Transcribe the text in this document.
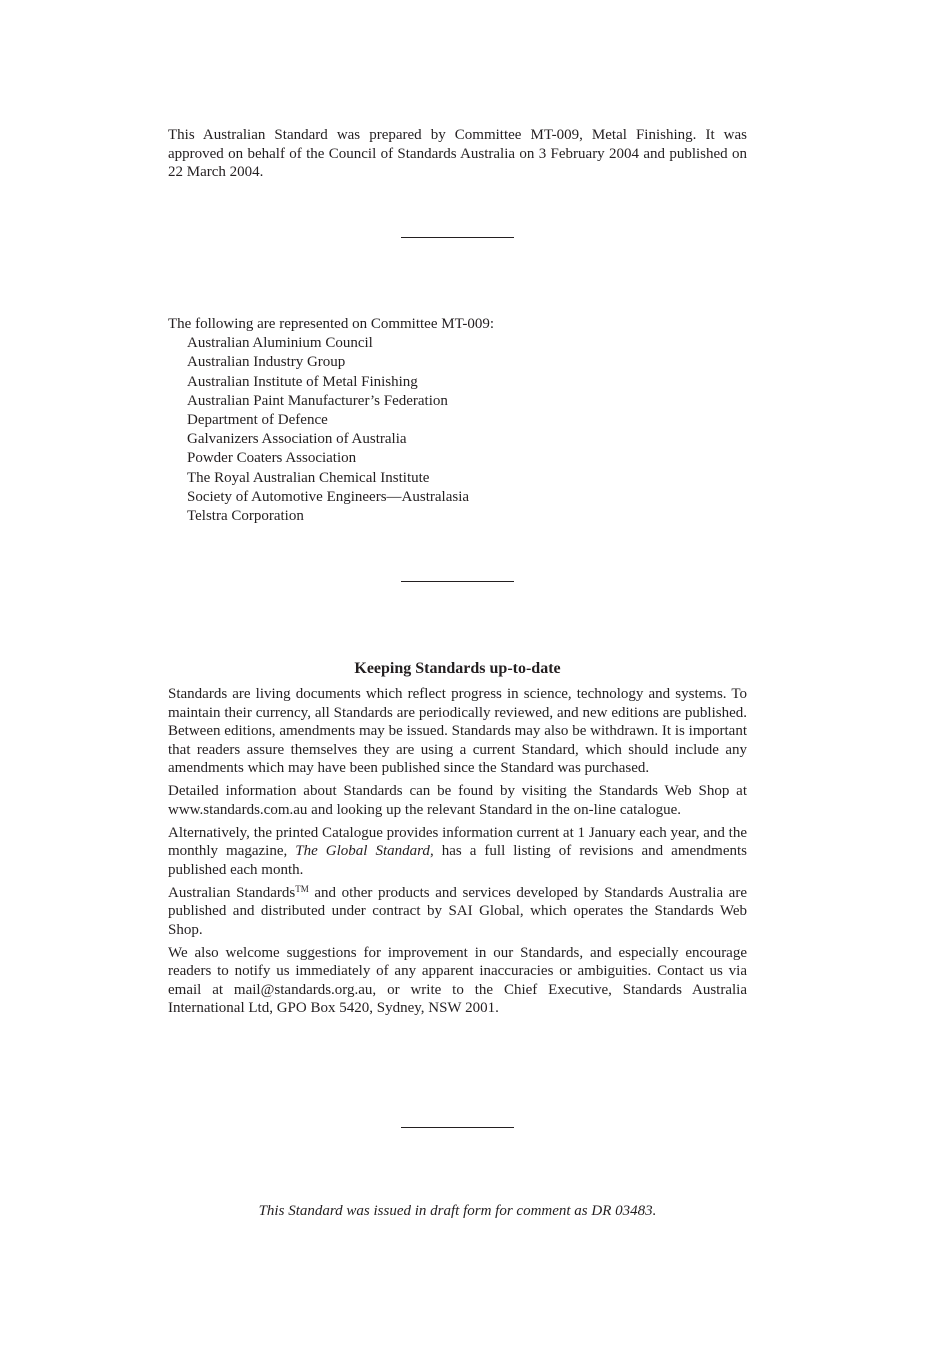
This Australian Standard was prepared by Committee MT-009, Metal Finishing. It was approved on behalf of the Council of Standards Australia on 3 February 2004 and published on 22 March 2004.

The following are represented on Committee MT-009:

Australian Aluminium Council
Australian Industry Group
Australian Institute of Metal Finishing
Australian Paint Manufacturer’s Federation
Department of Defence
Galvanizers Association of Australia
Powder Coaters Association
The Royal Australian Chemical Institute
Society of Automotive Engineers—Australasia
Telstra Corporation
Keeping Standards up-to-date

Standards are living documents which reflect progress in science, technology and systems. To maintain their currency, all Standards are periodically reviewed, and new editions are published. Between editions, amendments may be issued. Standards may also be withdrawn. It is important that readers assure themselves they are using a current Standard, which should include any amendments which may have been published since the Standard was purchased.

Detailed information about Standards can be found by visiting the Standards Web Shop at www.standards.com.au and looking up the relevant Standard in the on-line catalogue.

Alternatively, the printed Catalogue provides information current at 1 January each year, and the monthly magazine, The Global Standard, has a full listing of revisions and amendments published each month.

Australian Standards™ and other products and services developed by Standards Australia are published and distributed under contract by SAI Global, which operates the Standards Web Shop.

We also welcome suggestions for improvement in our Standards, and especially encourage readers to notify us immediately of any apparent inaccuracies or ambiguities. Contact us via email at mail@standards.org.au, or write to the Chief Executive, Standards Australia International Ltd, GPO Box 5420, Sydney, NSW 2001.

This Standard was issued in draft form for comment as DR 03483.
